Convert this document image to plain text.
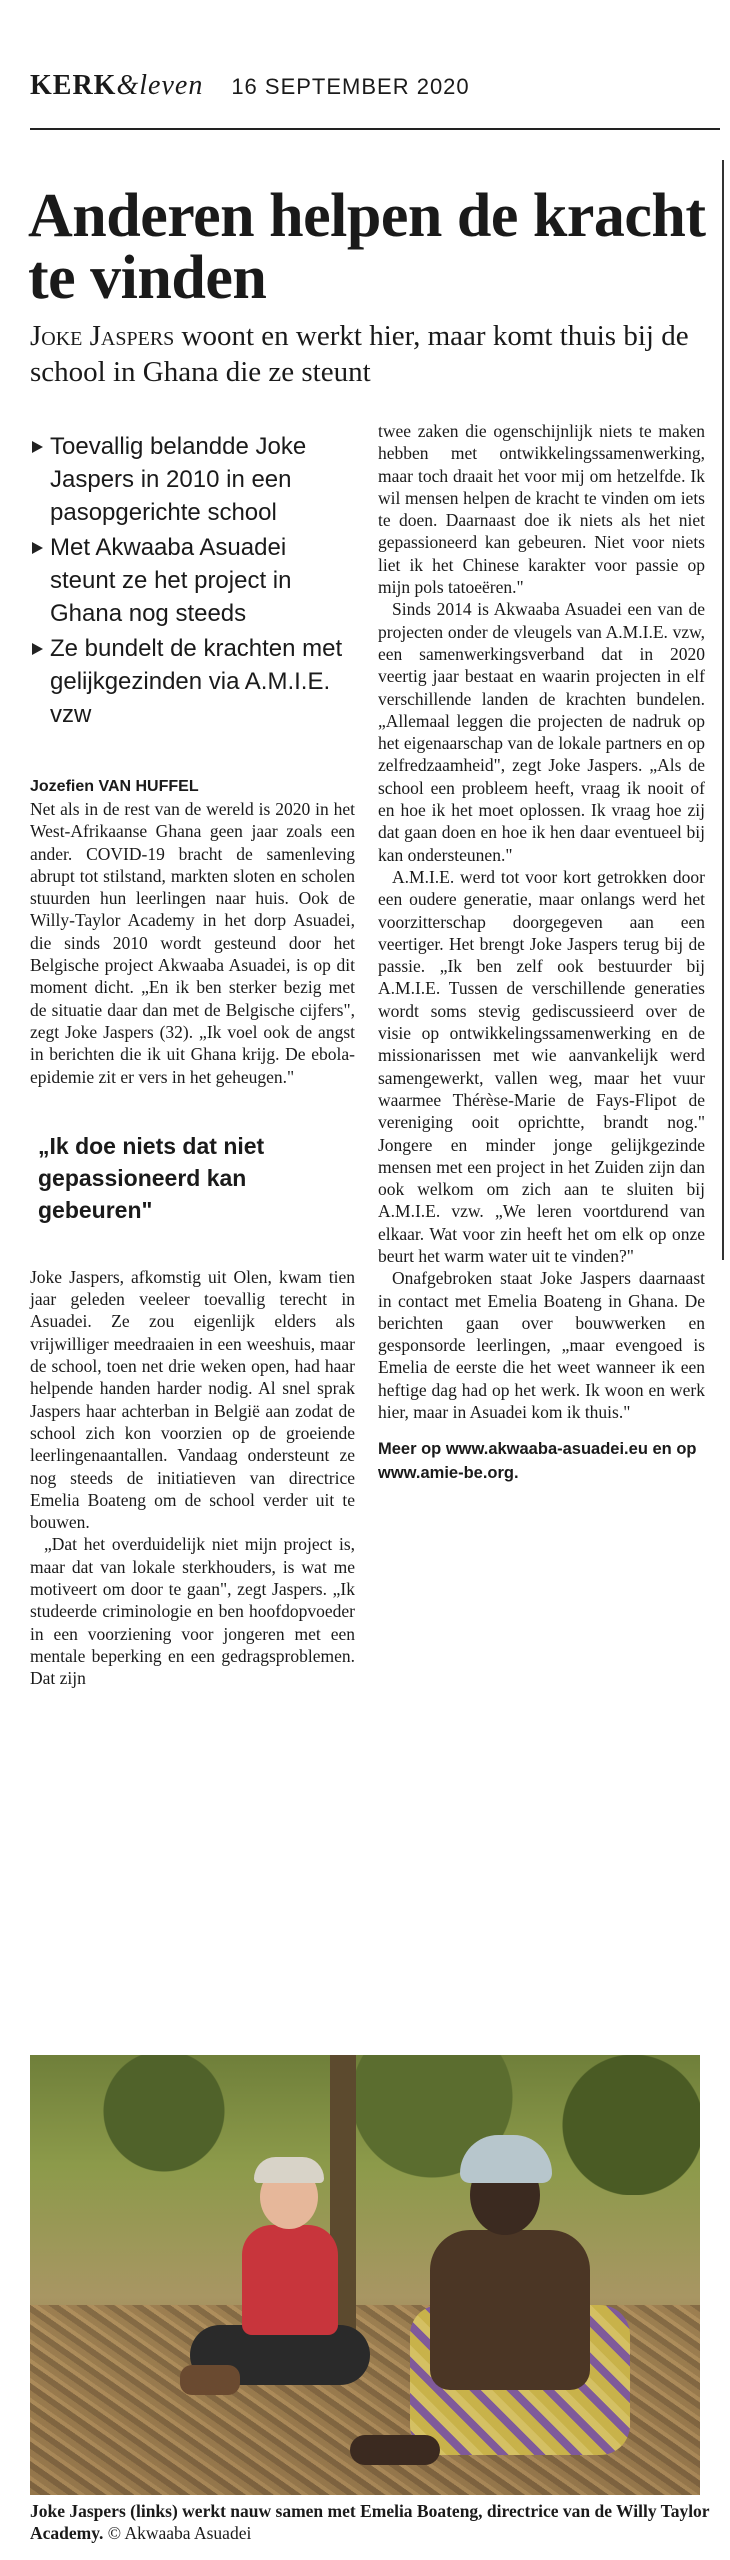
KERK&leven 16 SEPTEMBER 2020
Anderen helpen de kracht te vinden
Joke Jaspers woont en werkt hier, maar komt thuis bij de school in Ghana die ze steunt
Toevallig belandde Joke Jaspers in 2010 in een pasopgerichte school
Met Akwaaba Asuadei steunt ze het project in Ghana nog steeds
Ze bundelt de krachten met gelijkgezinden via A.M.I.E. vzw
Jozefien VAN HUFFEL

Net als in de rest van de wereld is 2020 in het West-Afrikaanse Ghana geen jaar zoals een ander. COVID-19 bracht de samenleving abrupt tot stilstand, markten sloten en scholen stuurden hun leerlingen naar huis. Ook de Willy-Taylor Academy in het dorp Asuadei, die sinds 2010 wordt gesteund door het Belgische project Akwaaba Asuadei, is op dit moment dicht. „En ik ben sterker bezig met de situatie daar dan met de Belgische cijfers", zegt Joke Jaspers (32). „Ik voel ook de angst in berichten die ik uit Ghana krijg. De ebola-epidemie zit er vers in het geheugen."

„Ik doe niets dat niet gepassioneerd kan gebeuren"

Joke Jaspers, afkomstig uit Olen, kwam tien jaar geleden veeleer toevallig terecht in Asuadei. Ze zou eigenlijk elders als vrijwilliger meedraaien in een weeshuis, maar de school, toen net drie weken open, had haar helpende handen harder nodig. Al snel sprak Jaspers haar achterban in België aan zodat de school zich kon voorzien op de groeiende leerlingenaantallen. Vandaag ondersteunt ze nog steeds de initiatieven van directrice Emelia Boateng om de school verder uit te bouwen.

„Dat het overduidelijk niet mijn project is, maar dat van lokale sterkhouders, is wat me motiveert om door te gaan", zegt Jaspers. „Ik studeerde criminologie en ben hoofdopvoeder in een voorziening voor jongeren met een mentale beperking en een gedragsproblemen. Dat zijn

twee zaken die ogenschijnlijk niets te maken hebben met ontwikkelingssamenwerking, maar toch draait het voor mij om hetzelfde. Ik wil mensen helpen de kracht te vinden om iets te doen. Daarnaast doe ik niets als het niet gepassioneerd kan gebeuren. Niet voor niets liet ik het Chinese karakter voor passie op mijn pols tatoeëren."

Sinds 2014 is Akwaaba Asuadei een van de projecten onder de vleugels van A.M.I.E. vzw, een samenwerkingsverband dat in 2020 veertig jaar bestaat en waarin projecten in elf verschillende landen de krachten bundelen. „Allemaal leggen die projecten de nadruk op het eigenaarschap van de lokale partners en op zelfredzaamheid", zegt Joke Jaspers. „Als de school een probleem heeft, vraag ik nooit of en hoe ik het moet oplossen. Ik vraag hoe zij dat gaan doen en hoe ik hen daar eventueel bij kan ondersteunen."

A.M.I.E. werd tot voor kort getrokken door een oudere generatie, maar onlangs werd het voorzitterschap doorgegeven aan een veertiger. Het brengt Joke Jaspers terug bij de passie. „Ik ben zelf ook bestuurder bij A.M.I.E. Tussen de verschillende generaties wordt soms stevig gediscussieerd over de visie op ontwikkelingssamenwerking en de missionarissen met wie aanvankelijk werd samengewerkt, vallen weg, maar het vuur waarmee Thérèse-Marie de Fays-Flipot de vereniging ooit oprichtte, brandt nog." Jongere en minder jonge gelijkgezinde mensen met een project in het Zuiden zijn dan ook welkom om zich aan te sluiten bij A.M.I.E. vzw. „We leren voortdurend van elkaar. Wat voor zin heeft het om elk op onze beurt het warm water uit te vinden?"

Onafgebroken staat Joke Jaspers daarnaast in contact met Emelia Boateng in Ghana. De berichten gaan over bouwwerken en gesponsorde leerlingen, „maar evengoed is Emelia de eerste die het weet wanneer ik een heftige dag had op het werk. Ik woon en werk hier, maar in Asuadei kom ik thuis."

Meer op www.akwaaba-asuadei.eu en op www.amie-be.org.
Joke Jaspers (links) werkt nauw samen met Emelia Boateng, directrice van de Willy Taylor Academy. © Akwaaba Asuadei
